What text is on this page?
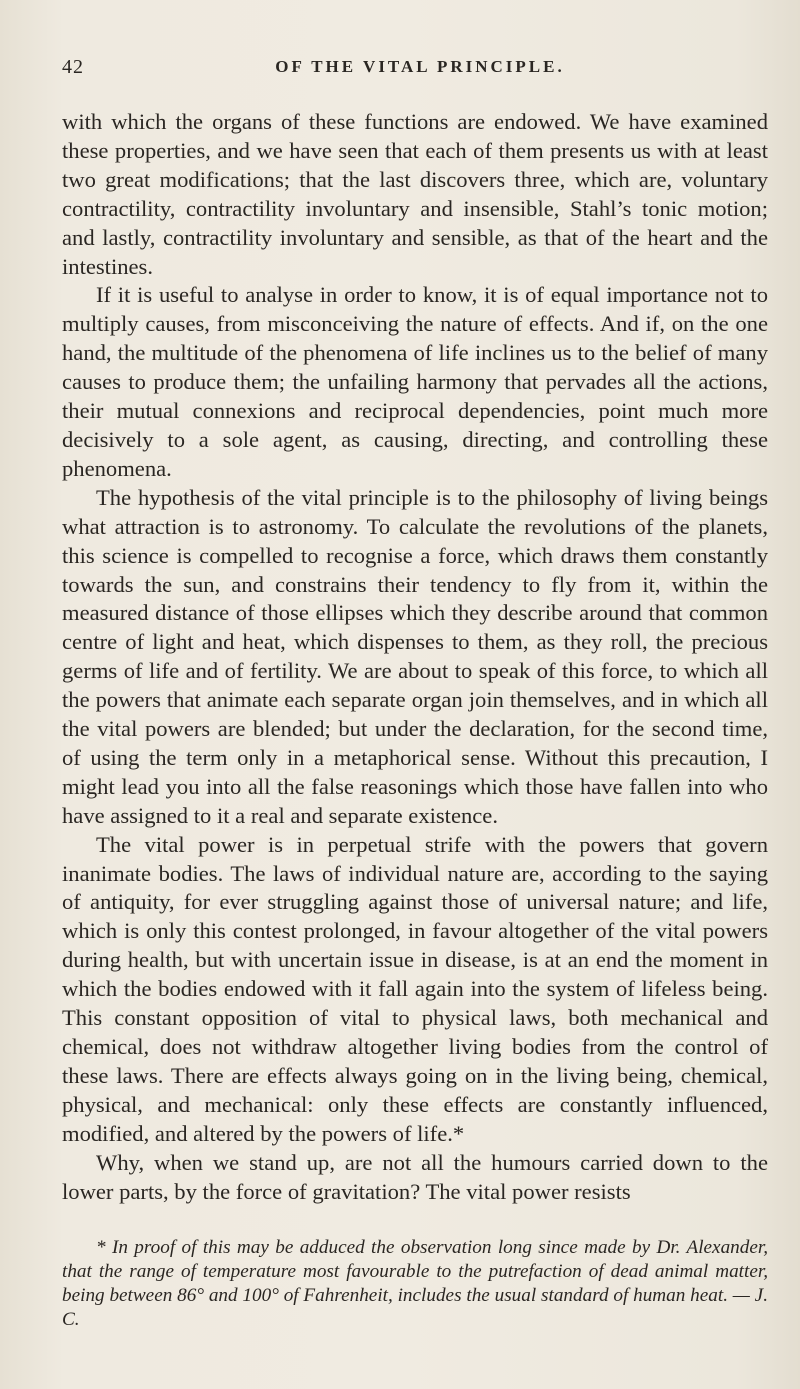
42	OF THE VITAL PRINCIPLE.

with which the organs of these functions are endowed. We have examined these properties, and we have seen that each of them presents us with at least two great modifications; that the last discovers three, which are, voluntary contractility, contractility involuntary and insensible, Stahl’s tonic motion; and lastly, contractility involuntary and sensible, as that of the heart and the intestines.

If it is useful to analyse in order to know, it is of equal importance not to multiply causes, from misconceiving the nature of effects. And if, on the one hand, the multitude of the phenomena of life inclines us to the belief of many causes to produce them; the unfailing harmony that pervades all the actions, their mutual connexions and reciprocal dependencies, point much more decisively to a sole agent, as causing, directing, and controlling these phenomena.

The hypothesis of the vital principle is to the philosophy of living beings what attraction is to astronomy. To calculate the revolutions of the planets, this science is compelled to recognise a force, which draws them constantly towards the sun, and constrains their tendency to fly from it, within the measured distance of those ellipses which they describe around that common centre of light and heat, which dispenses to them, as they roll, the precious germs of life and of fertility. We are about to speak of this force, to which all the powers that animate each separate organ join themselves, and in which all the vital powers are blended; but under the declaration, for the second time, of using the term only in a metaphorical sense. Without this precaution, I might lead you into all the false reasonings which those have fallen into who have assigned to it a real and separate existence.

The vital power is in perpetual strife with the powers that govern inanimate bodies. The laws of individual nature are, according to the saying of antiquity, for ever struggling against those of universal nature; and life, which is only this contest prolonged, in favour altogether of the vital powers during health, but with uncertain issue in disease, is at an end the moment in which the bodies endowed with it fall again into the system of lifeless being. This constant opposition of vital to physical laws, both mechanical and chemical, does not withdraw altogether living bodies from the control of these laws. There are effects always going on in the living being, chemical, physical, and mechanical: only these effects are constantly influenced, modified, and altered by the powers of life.*

Why, when we stand up, are not all the humours carried down to the lower parts, by the force of gravitation? The vital power resists

* In proof of this may be adduced the observation long since made by Dr. Alexander, that the range of temperature most favourable to the putrefaction of dead animal matter, being between 86° and 100° of Fahrenheit, includes the usual standard of human heat. — J. C.
